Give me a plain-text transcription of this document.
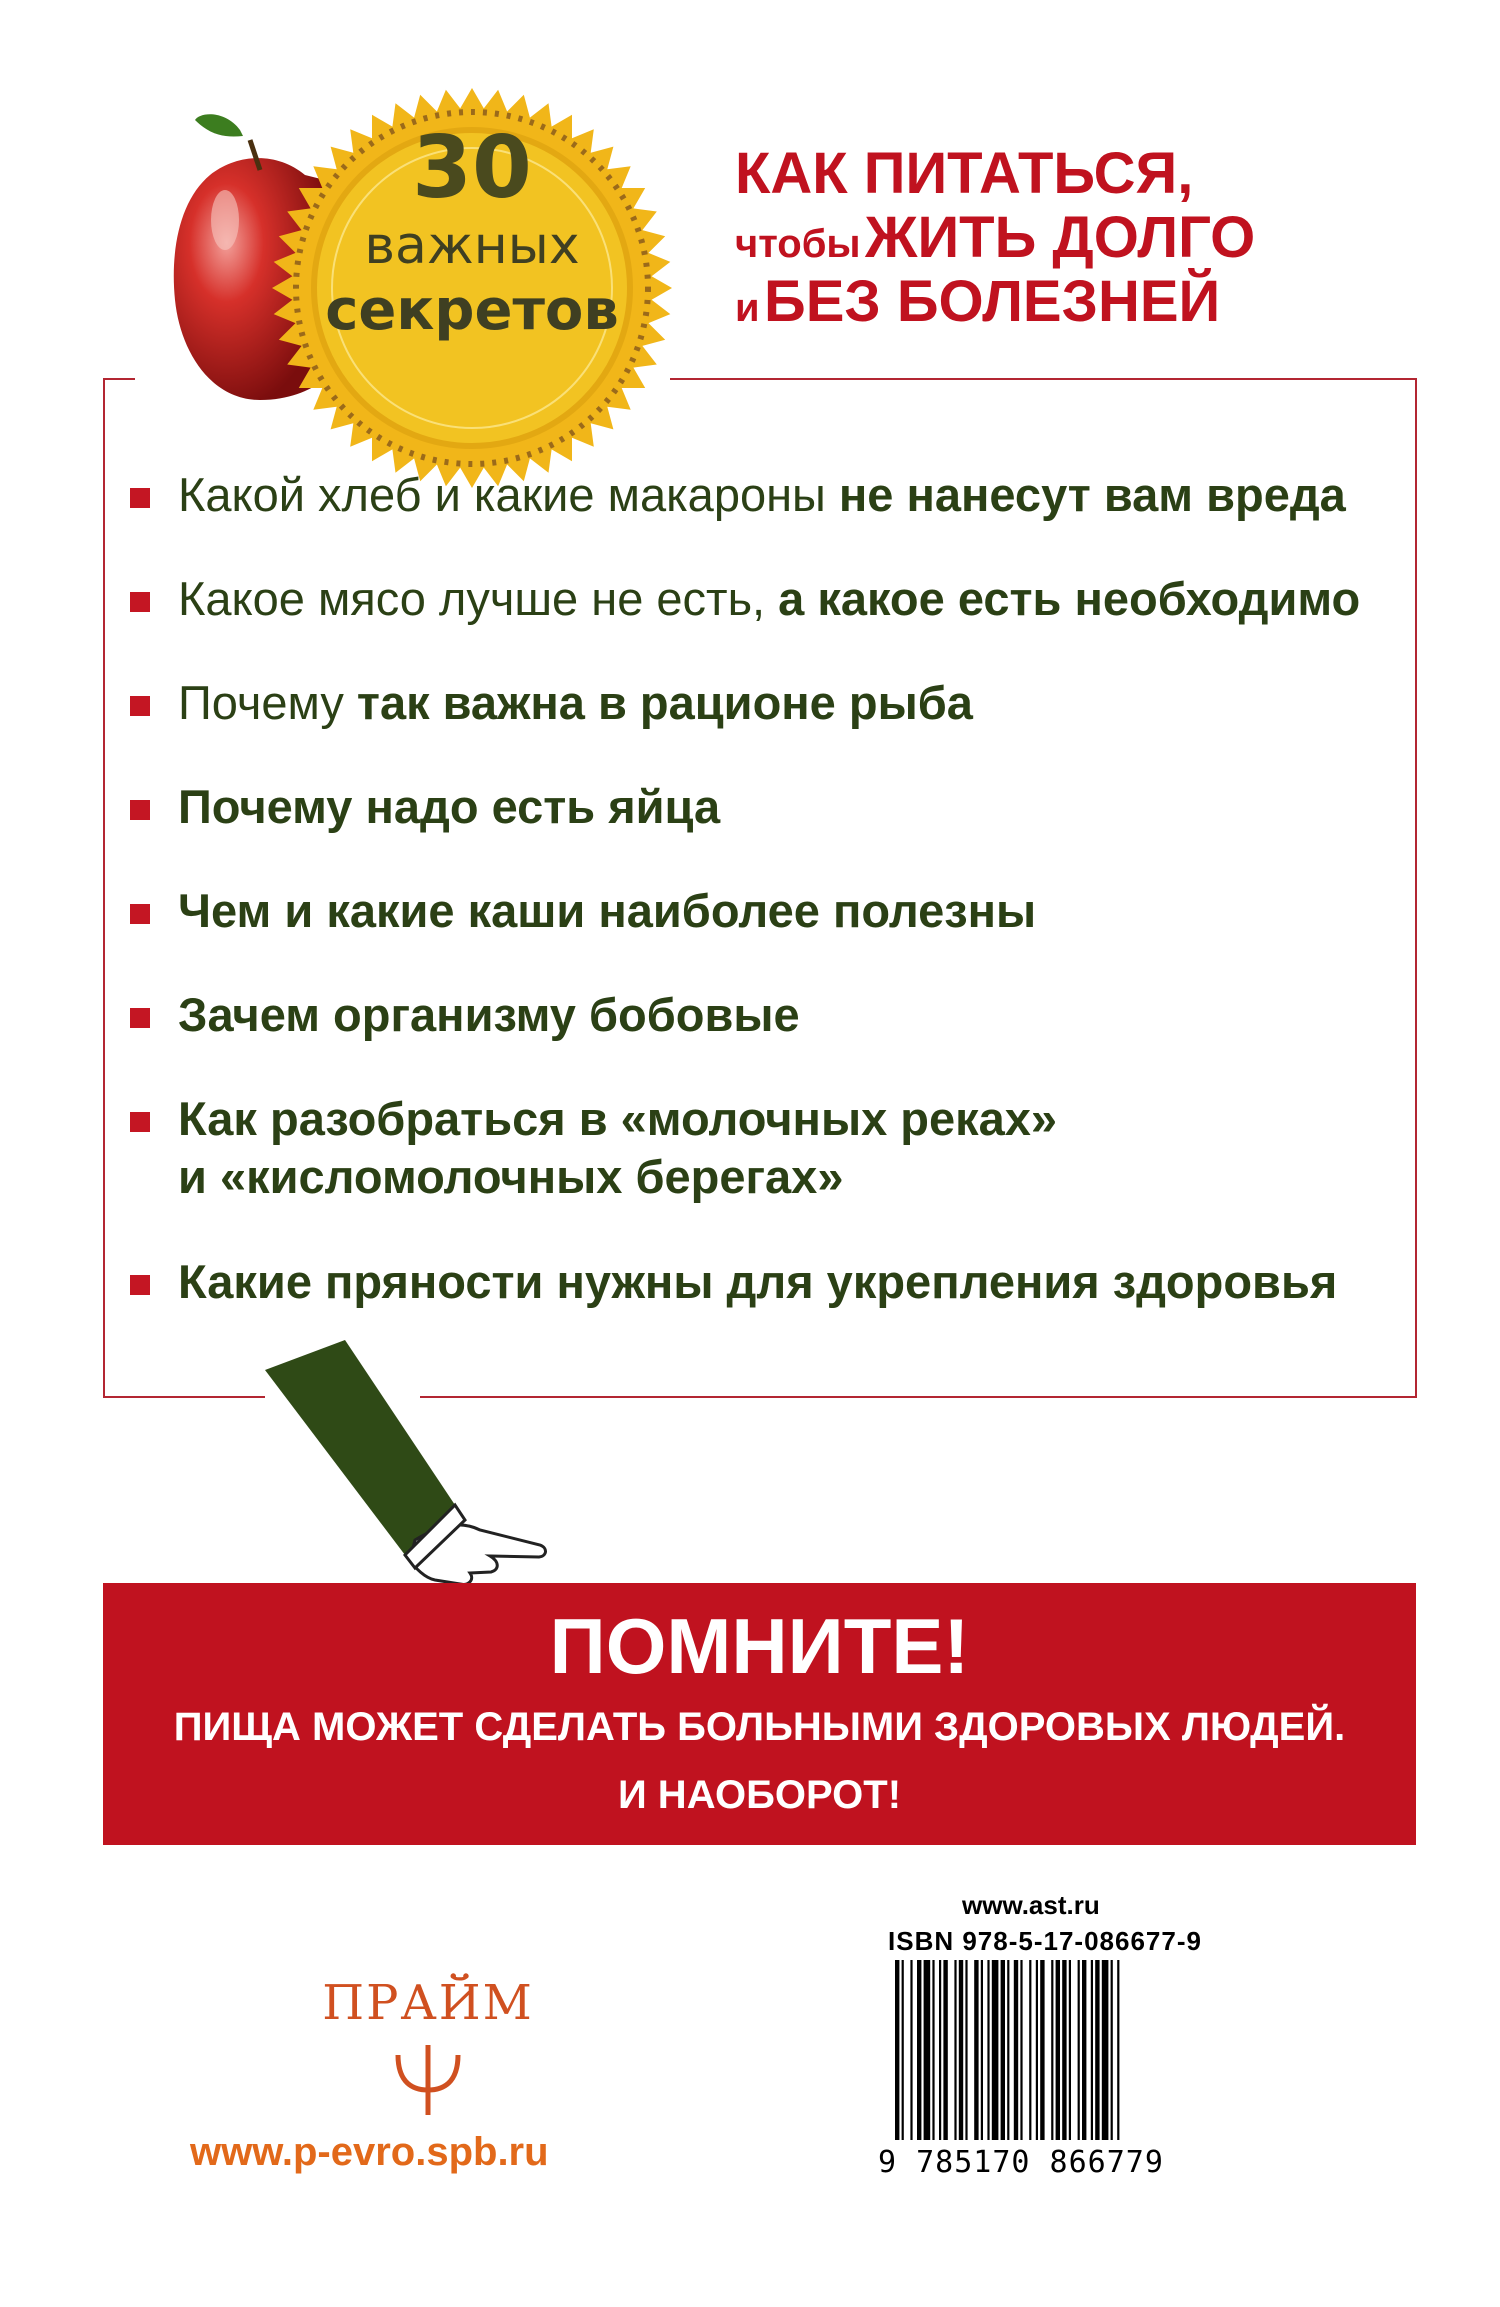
30
важных
секретов
КАК ПИТАТЬСЯ,
чтобы ЖИТЬ ДОЛГО
и БЕЗ БОЛЕЗНЕЙ
Какой хлеб и какие макароны не нанесут вам вреда
Какое мясо лучше не есть, а какое есть необходимо
Почему так важна в рационе рыба
Почему надо есть яйца
Чем и какие каши наиболее полезны
Зачем организму бобовые
Как разобраться в «молочных реках»
и «кисломолочных берегах»
Какие пряности нужны для укрепления здоровья
ПОМНИТЕ!
ПИЩА МОЖЕТ СДЕЛАТЬ БОЛЬНЫМИ ЗДОРОВЫХ ЛЮДЕЙ.
И НАОБОРОТ!
ПРАЙМ
www.p-evro.spb.ru
www.ast.ru
ISBN 978-5-17-086677-9
9 785170 866779
